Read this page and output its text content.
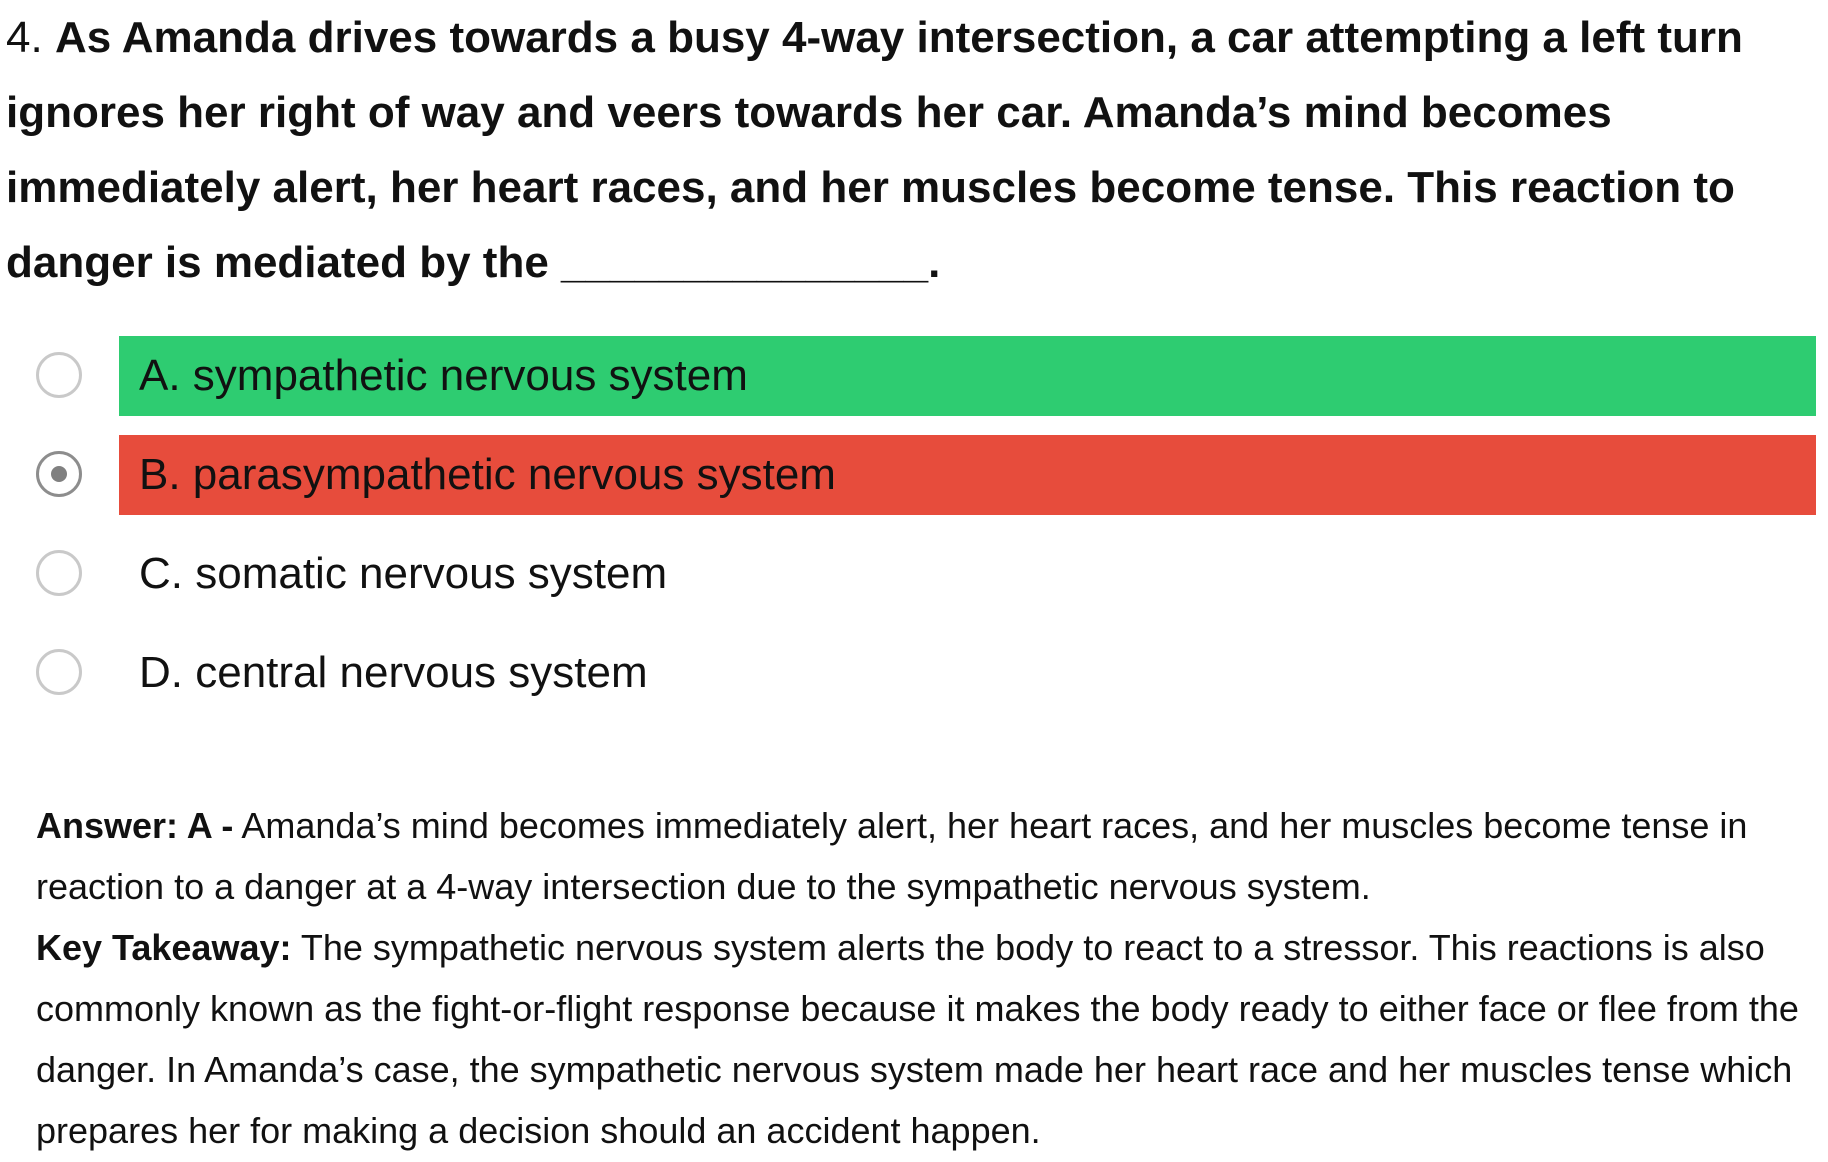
4. As Amanda drives towards a busy 4-way intersection, a car attempting a left turn ignores her right of way and veers towards her car. Amanda’s mind becomes immediately alert, her heart races, and her muscles become tense. This reaction to danger is mediated by the _______________.

A. sympathetic nervous system
B. parasympathetic nervous system
C. somatic nervous system
D. central nervous system

Answer: A - Amanda’s mind becomes immediately alert, her heart races, and her muscles become tense in reaction to a danger at a 4-way intersection due to the sympathetic nervous system.

Key Takeaway: The sympathetic nervous system alerts the body to react to a stressor. This reactions is also commonly known as the fight-or-flight response because it makes the body ready to either face or flee from the danger. In Amanda’s case, the sympathetic nervous system made her heart race and her muscles tense which prepares her for making a decision should an accident happen.
